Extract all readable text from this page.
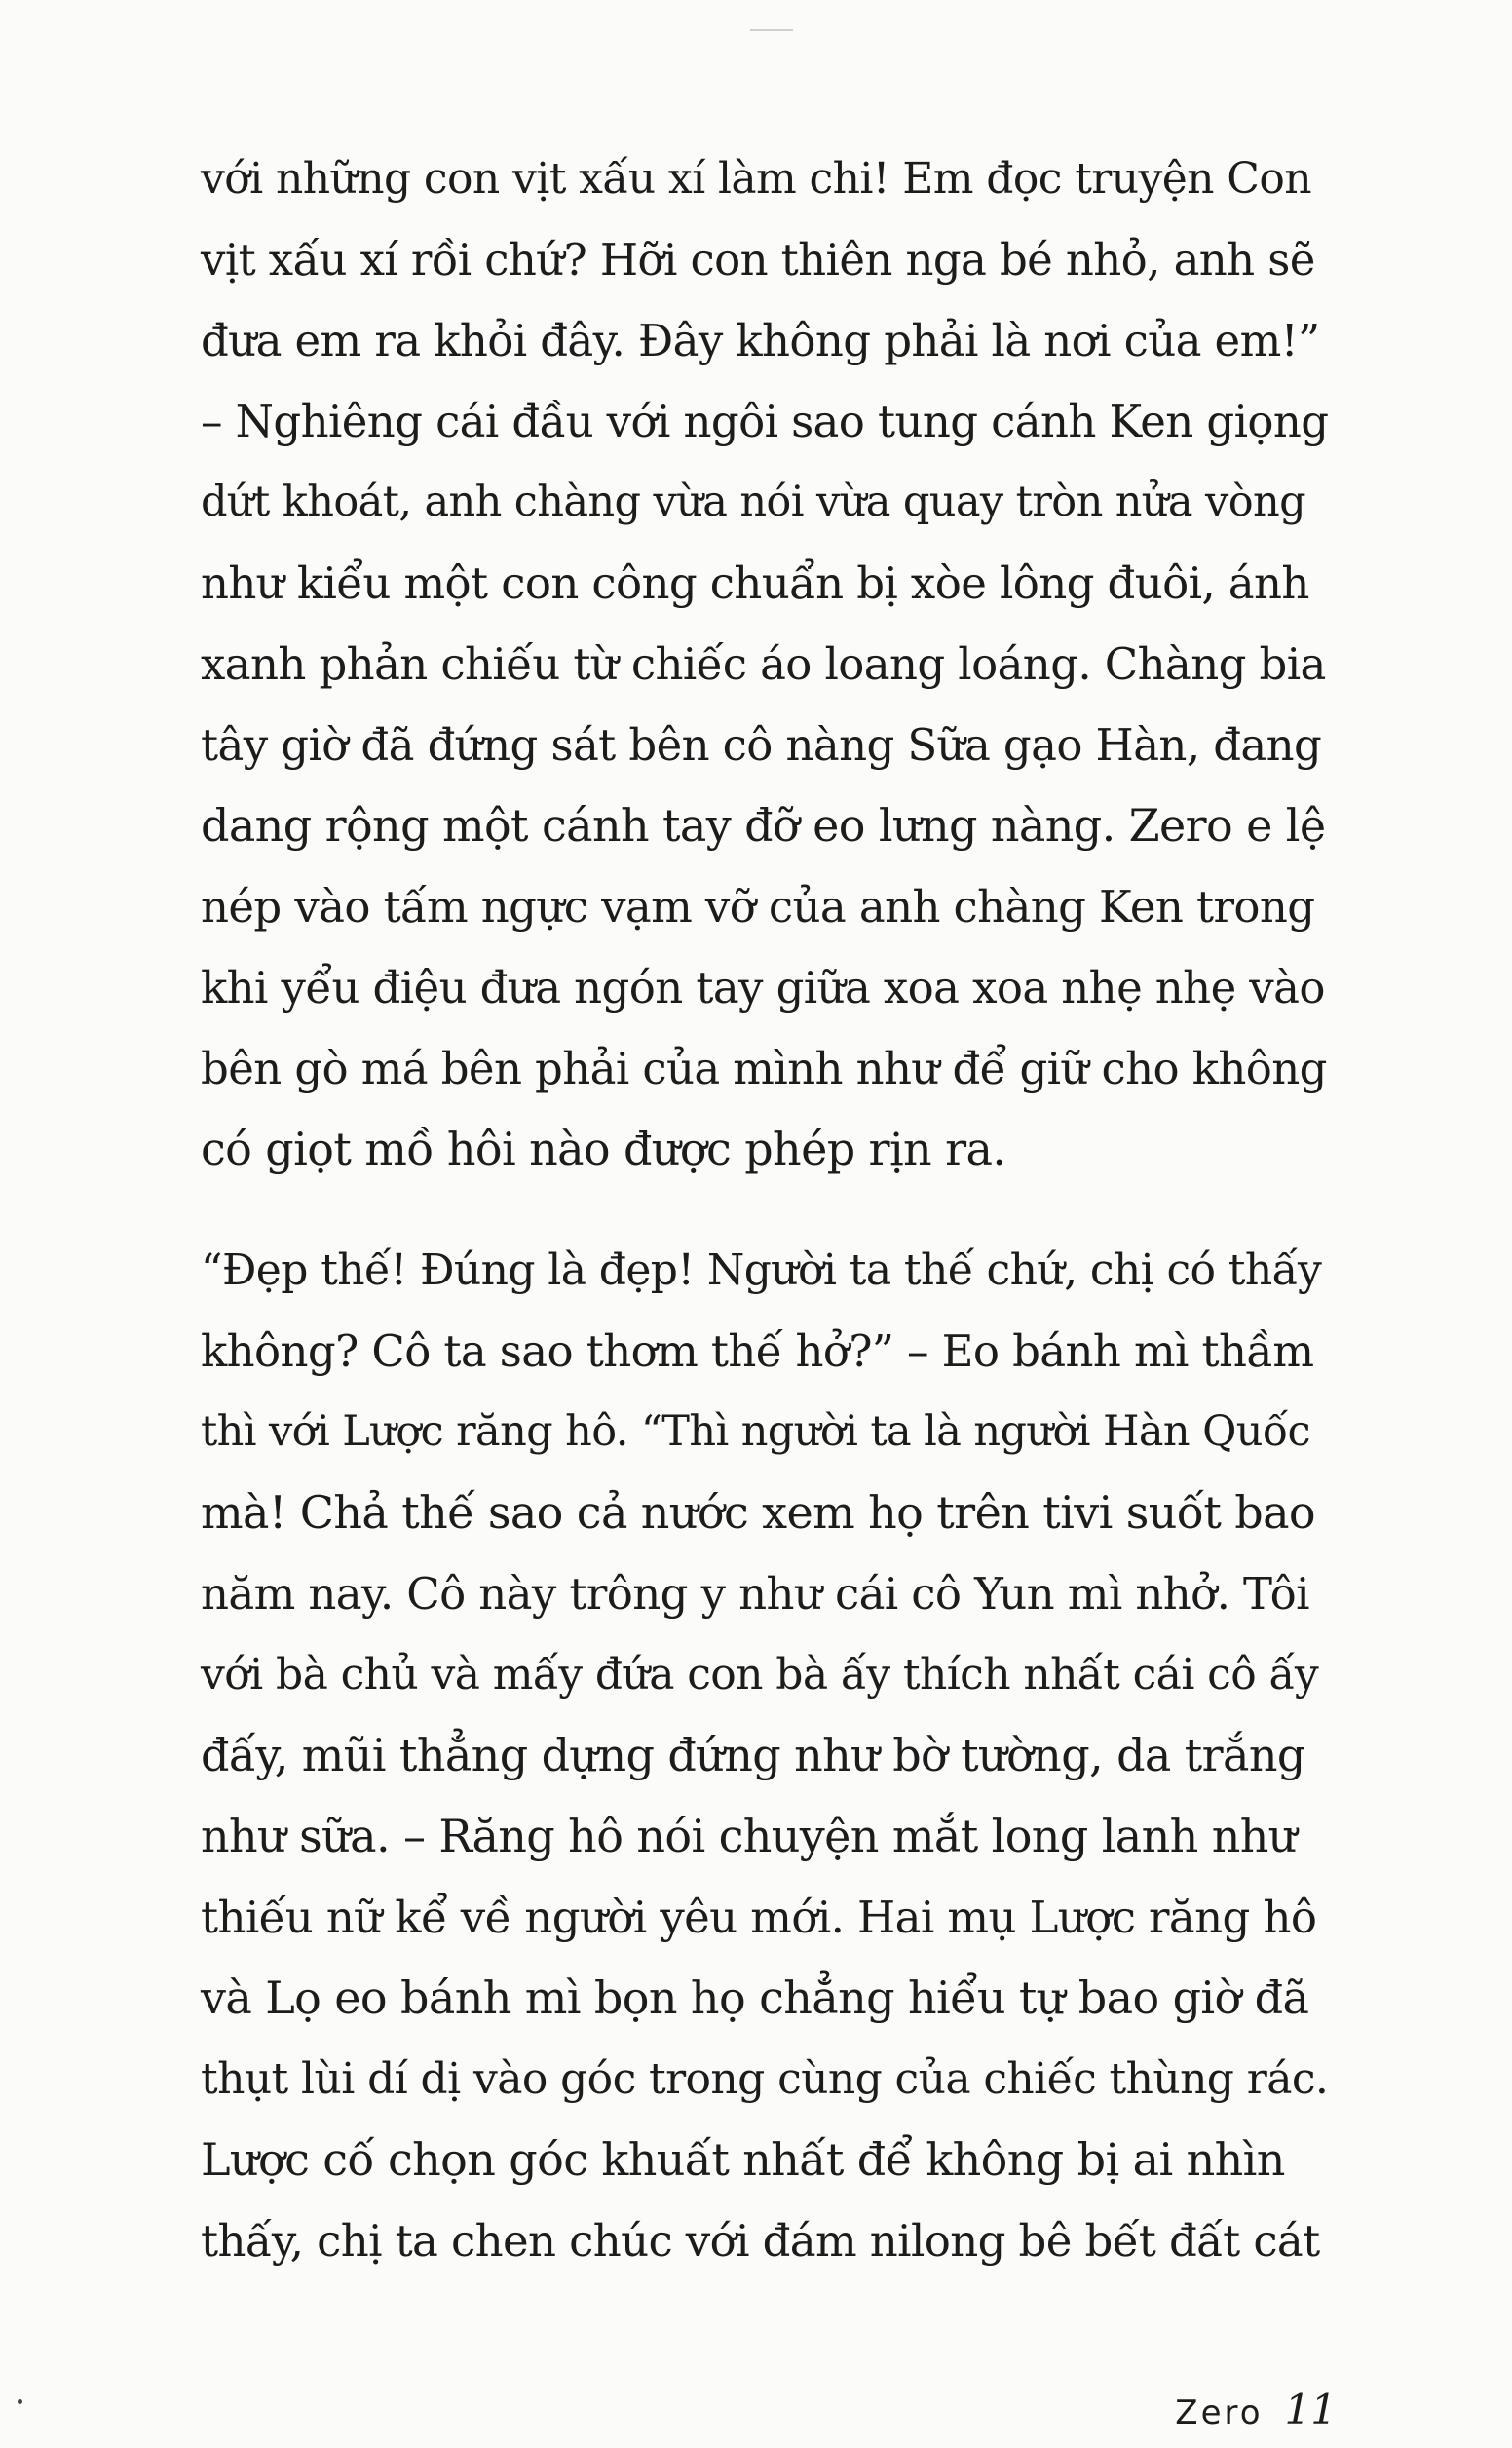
với những con vịt xấu xí làm chi! Em đọc truyện Con
vịt xấu xí rồi chứ? Hỡi con thiên nga bé nhỏ, anh sẽ
đưa em ra khỏi đây. Đây không phải là nơi của em!”
– Nghiêng cái đầu với ngôi sao tung cánh Ken giọng
dứt khoát, anh chàng vừa nói vừa quay tròn nửa vòng
như kiểu một con công chuẩn bị xòe lông đuôi, ánh
xanh phản chiếu từ chiếc áo loang loáng. Chàng bia
tây giờ đã đứng sát bên cô nàng Sữa gạo Hàn, đang
dang rộng một cánh tay đỡ eo lưng nàng. Zero e lệ
nép vào tấm ngực vạm vỡ của anh chàng Ken trong
khi yểu điệu đưa ngón tay giữa xoa xoa nhẹ nhẹ vào
bên gò má bên phải của mình như để giữ cho không
có giọt mồ hôi nào được phép rịn ra.
“Đẹp thế! Đúng là đẹp! Người ta thế chứ, chị có thấy
không? Cô ta sao thơm thế hở?” – Eo bánh mì thầm
thì với Lược răng hô. “Thì người ta là người Hàn Quốc
mà! Chả thế sao cả nước xem họ trên tivi suốt bao
năm nay. Cô này trông y như cái cô Yun mì nhở. Tôi
với bà chủ và mấy đứa con bà ấy thích nhất cái cô ấy
đấy, mũi thẳng dựng đứng như bờ tường, da trắng
như sữa. – Răng hô nói chuyện mắt long lanh như
thiếu nữ kể về người yêu mới. Hai mụ Lược răng hô
và Lọ eo bánh mì bọn họ chẳng hiểu tự bao giờ đã
thụt lùi dí dị vào góc trong cùng của chiếc thùng rác.
Lược cố chọn góc khuất nhất để không bị ai nhìn
thấy, chị ta chen chúc với đám nilong bê bết đất cát
Zero 11
